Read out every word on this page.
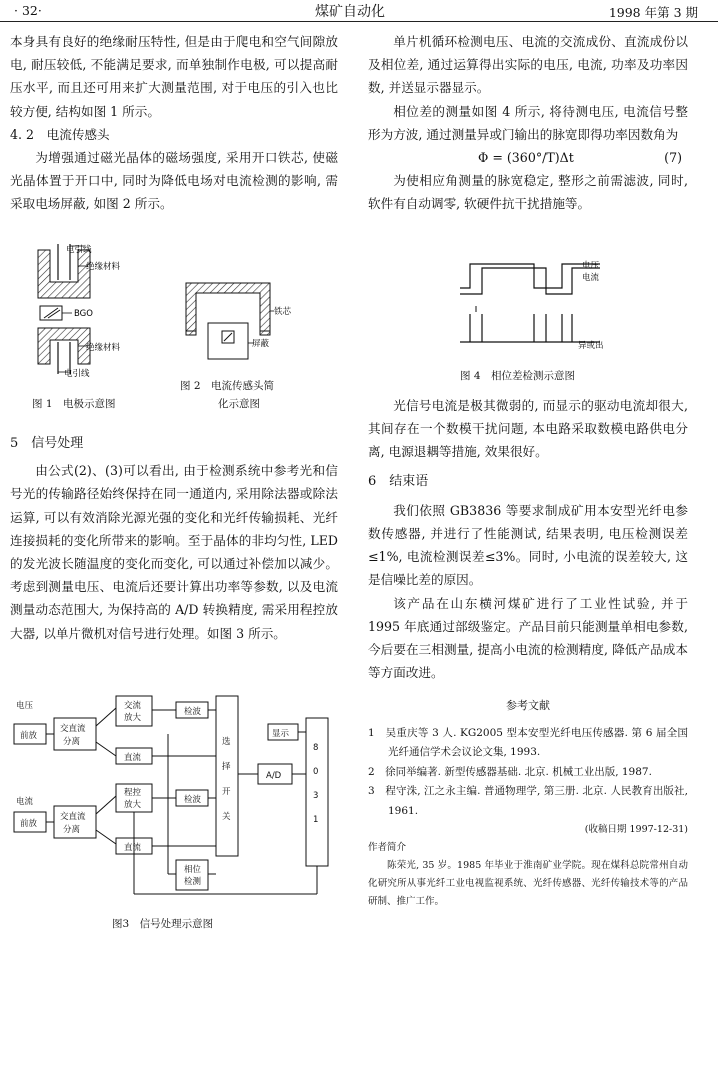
· 32·	煤矿自动化	1998 年第 3 期

本身具有良好的绝缘耐压特性, 但是由于爬电和空气间隙放电, 耐压较低, 不能满足要求, 而单独制作电极, 可以提高耐压水平, 而且还可用来扩大测量范围, 对于电压的引入也比较方便, 结构如图 1 所示。

4. 2　电流传感头

为增强通过磁光晶体的磁场强度, 采用开口铁芯, 使磁光晶体置于开口中, 同时为降低电场对电流检测的影响, 需采取电场屏蔽, 如图 2 所示。

电引线
绝缘材料
BGO
绝缘材料
电引线
图 1　电极示意图
铁芯
屏蔽
图 2　电流传感头简
化示意图

5　信号处理

由公式(2)、(3)可以看出, 由于检测系统中参考光和信号光的传输路径始终保持在同一通道内, 采用除法器或除法运算, 可以有效消除光源光强的变化和光纤传输损耗、光纤连接损耗的变化所带来的影响。至于晶体的非均匀性, LED 的发光波长随温度的变化而变化, 可以通过补偿加以减少。考虑到测量电压、电流后还要计算出功率等参数, 以及电流测量动态范围大, 为保持高的 A/D 转换精度, 需采用程控放大器, 以单片微机对信号进行处理。如图 3 所示。

电压
前放
交直流
分离
交流
放大
检波
直流
电流
前放
交直流
分离
程控
放大	检波
直流
相位
检测
选
择
开
关
A/D
显示
8
0
3
1
图3　信号处理示意图

单片机循环检测电压、电流的交流成份、直流成份以及相位差, 通过运算得出实际的电压, 电流, 功率及功率因数, 并送显示器显示。

相位差的测量如图 4 所示, 将待测电压, 电流信号整形为方波, 通过测量异或门输出的脉宽即得功率因数角为

Φ = (360°/T)Δt	(7)

为使相应角测量的脉宽稳定, 整形之前需滤波, 同时, 软件有自动调零, 软硬件抗干扰措施等。

电压
电流
异或出
图 4　相位差检测示意图

光信号电流是极其微弱的, 而显示的驱动电流却很大, 其间存在一个数模干扰问题, 本电路采取数模电路供电分离, 电源退耦等措施, 效果很好。

6　结束语

我们依照 GB3836 等要求制成矿用本安型光纤电参数传感器, 并进行了性能测试, 结果表明, 电压检测误差≤1%, 电流检测误差≤3%。同时, 小电流的误差较大, 这是信噪比差的原因。

该产品在山东横河煤矿进行了工业性试验, 并于 1995 年底通过部级鉴定。产品目前只能测量单相电参数, 今后要在三相测量, 提高小电流的检测精度, 降低产品成本等方面改进。

参考文献

1　吴重庆等 3 人. KG2005 型本安型光纤电压传感器. 第 6 届全国光纤通信学术会议论文集, 1993.

2　徐同举编著. 新型传感器基础. 北京. 机械工业出版, 1987.

3　程守洙, 江之永主编. 普通物理学, 第三册. 北京. 人民教育出版社, 1961.

(收稿日期 1997-12-31)

作者简介

陈荣光, 35 岁。1985 年毕业于淮南矿业学院。现在煤科总院常州自动化研究所从事光纤工业电视监视系统、光纤传感器、光纤传输技术等的产品研制、推广工作。
